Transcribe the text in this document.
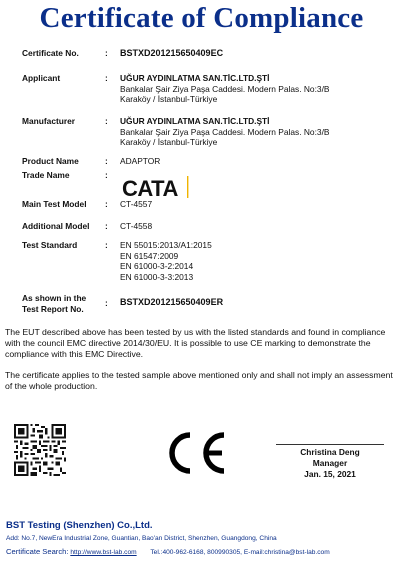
Certificate of Compliance
Certificate No.	: BSTXD201215650409EC
Applicant	: UĞUR AYDINLATMA SAN.TİC.LTD.ŞTİ
Bankalar Şair Ziya Paşa Caddesi. Modern Palas. No:3/B
Karaköy / İstanbul-Türkiye
Manufacturer	: UĞUR AYDINLATMA SAN.TİC.LTD.ŞTİ
Bankalar Şair Ziya Paşa Caddesi. Modern Palas. No:3/B
Karaköy / İstanbul-Türkiye
Product Name	: ADAPTOR
Trade Name	:
CATA
Main Test Model	: CT-4557
Additional Model	: CT-4558
Test Standard	: EN 55015:2013/A1:2015
EN 61547:2009
EN 61000-3-2:2014
EN 61000-3-3:2013
As shown in the
Test Report No.
: BSTXD201215650409ER
The EUT described above has been tested by us with the listed standards and found in compliance with the council EMC directive 2014/30/EU. It is possible to use CE marking to demonstrate the compliance with this EMC Directive.
The certificate applies to the tested sample above mentioned only and shall not imply an assessment of the whole production.
Christina Deng
Manager
Jan. 15, 2021
BST Testing (Shenzhen) Co.,Ltd.
Add: No.7, NewEra Industrial Zone, Guantian, Bao'an District, Shenzhen, Guangdong, China
Certificate Search: http://www.bst-lab.com Tel.:400-962-6168, 800990305, E-mail:christina@bst-lab.com
